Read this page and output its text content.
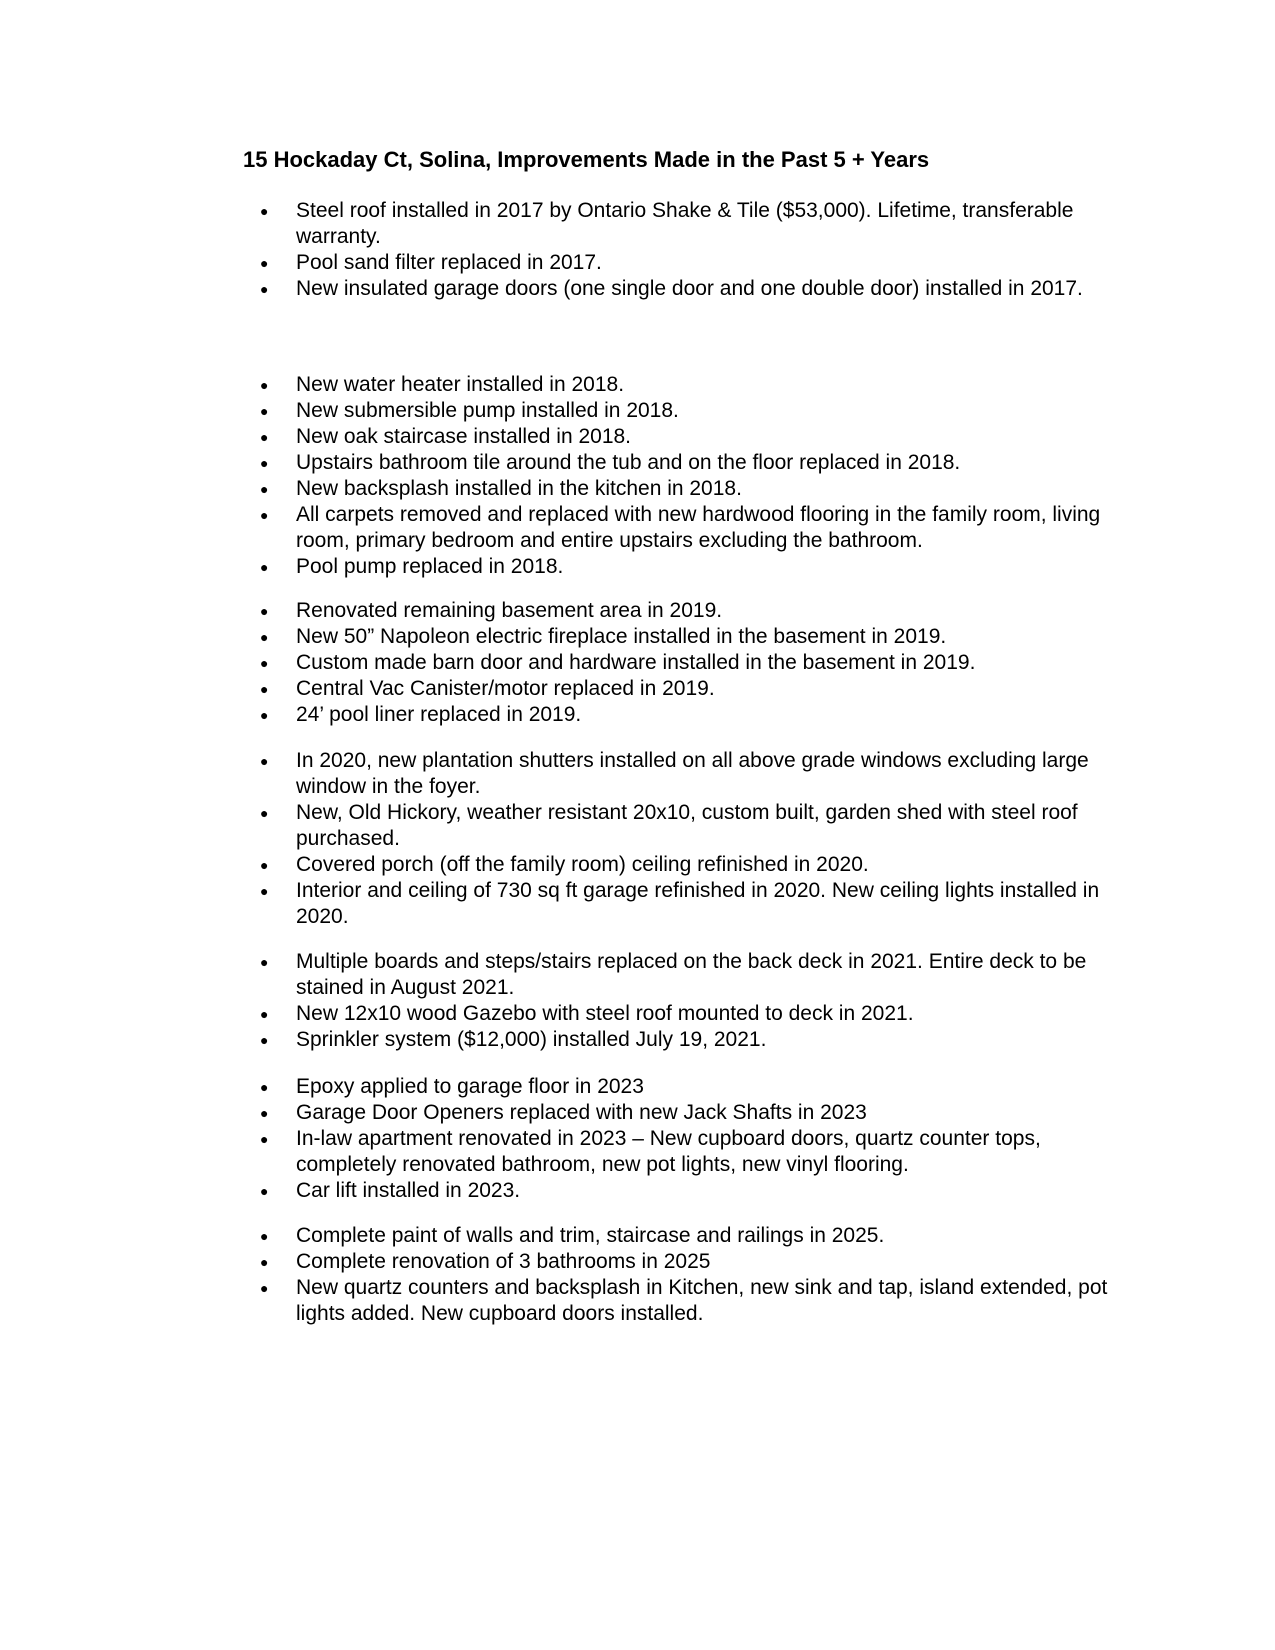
15 Hockaday Ct, Solina, Improvements Made in the Past 5 + Years
● Steel roof installed in 2017 by Ontario Shake & Tile ($53,000). Lifetime, transferable warranty.
● Pool sand filter replaced in 2017.
● New insulated garage doors (one single door and one double door) installed in 2017.
● New water heater installed in 2018.
● New submersible pump installed in 2018.
● New oak staircase installed in 2018.
● Upstairs bathroom tile around the tub and on the floor replaced in 2018.
● New backsplash installed in the kitchen in 2018.
● All carpets removed and replaced with new hardwood flooring in the family room, living room, primary bedroom and entire upstairs excluding the bathroom.
● Pool pump replaced in 2018.
● Renovated remaining basement area in 2019.
● New 50” Napoleon electric fireplace installed in the basement in 2019.
● Custom made barn door and hardware installed in the basement in 2019.
● Central Vac Canister/motor replaced in 2019.
● 24’ pool liner replaced in 2019.
● In 2020, new plantation shutters installed on all above grade windows excluding large window in the foyer.
● New, Old Hickory, weather resistant 20x10, custom built, garden shed with steel roof purchased.
● Covered porch (off the family room) ceiling refinished in 2020.
● Interior and ceiling of 730 sq ft garage refinished in 2020. New ceiling lights installed in 2020.
● Multiple boards and steps/stairs replaced on the back deck in 2021. Entire deck to be stained in August 2021.
● New 12x10 wood Gazebo with steel roof mounted to deck in 2021.
● Sprinkler system ($12,000) installed July 19, 2021.
● Epoxy applied to garage floor in 2023
● Garage Door Openers replaced with new Jack Shafts in 2023
● In-law apartment renovated in 2023 – New cupboard doors, quartz counter tops, completely renovated bathroom, new pot lights, new vinyl flooring.
● Car lift installed in 2023.
● Complete paint of walls and trim, staircase and railings in 2025.
● Complete renovation of 3 bathrooms in 2025
● New quartz counters and backsplash in Kitchen, new sink and tap, island extended, pot lights added. New cupboard doors installed.
